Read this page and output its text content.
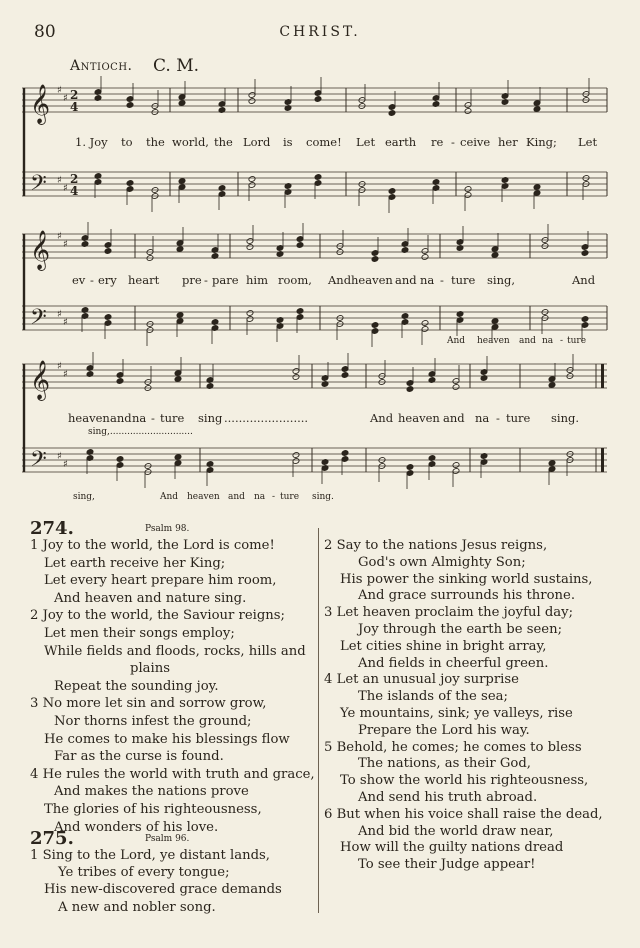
80	CHRIST.
Antioch. C. M.
𝄞
𝄢
♯
♯
♯
♯
2
4
2
4
1. Joy to the world, the Lord is come! Let earth re - ceive her King; Let
𝄞
𝄢
♯
♯
♯
♯
ev - ery heart pre - pare him room, And heaven and na - ture sing,	And
And heaven and na - ture
𝄞
𝄢
♯
♯
♯
♯
heaven and na - ture sing .......................	And heaven and na - ture sing.
sing,.............................
sing,	And heaven and na - ture sing.
274.	Psalm 98.
1 Joy to the world, the Lord is come!
Let earth receive her King;
Let every heart prepare him room,
And heaven and nature sing.
2 Joy to the world, the Saviour reigns;
Let men their songs employ;
While fields and floods, rocks, hills and
plains
Repeat the sounding joy.
3 No more let sin and sorrow grow,
Nor thorns infest the ground;
He comes to make his blessings flow
Far as the curse is found.
4 He rules the world with truth and grace,
And makes the nations prove
The glories of his righteousness,
And wonders of his love.
2 Say to the nations Jesus reigns,
God's own Almighty Son;
His power the sinking world sustains,
And grace surrounds his throne.
3 Let heaven proclaim the joyful day;
Joy through the earth be seen;
Let cities shine in bright array,
And fields in cheerful green.
4 Let an unusual joy surprise
The islands of the sea;
Ye mountains, sink; ye valleys, rise
Prepare the Lord his way.
5 Behold, he comes; he comes to bless
The nations, as their God,
To show the world his righteousness,
And send his truth abroad.
6 But when his voice shall raise the dead,
And bid the world draw near,
How will the guilty nations dread
To see their Judge appear!
275.	Psalm 96.
1 Sing to the Lord, ye distant lands,
Ye tribes of every tongue;
His new-discovered grace demands
A new and nobler song.
